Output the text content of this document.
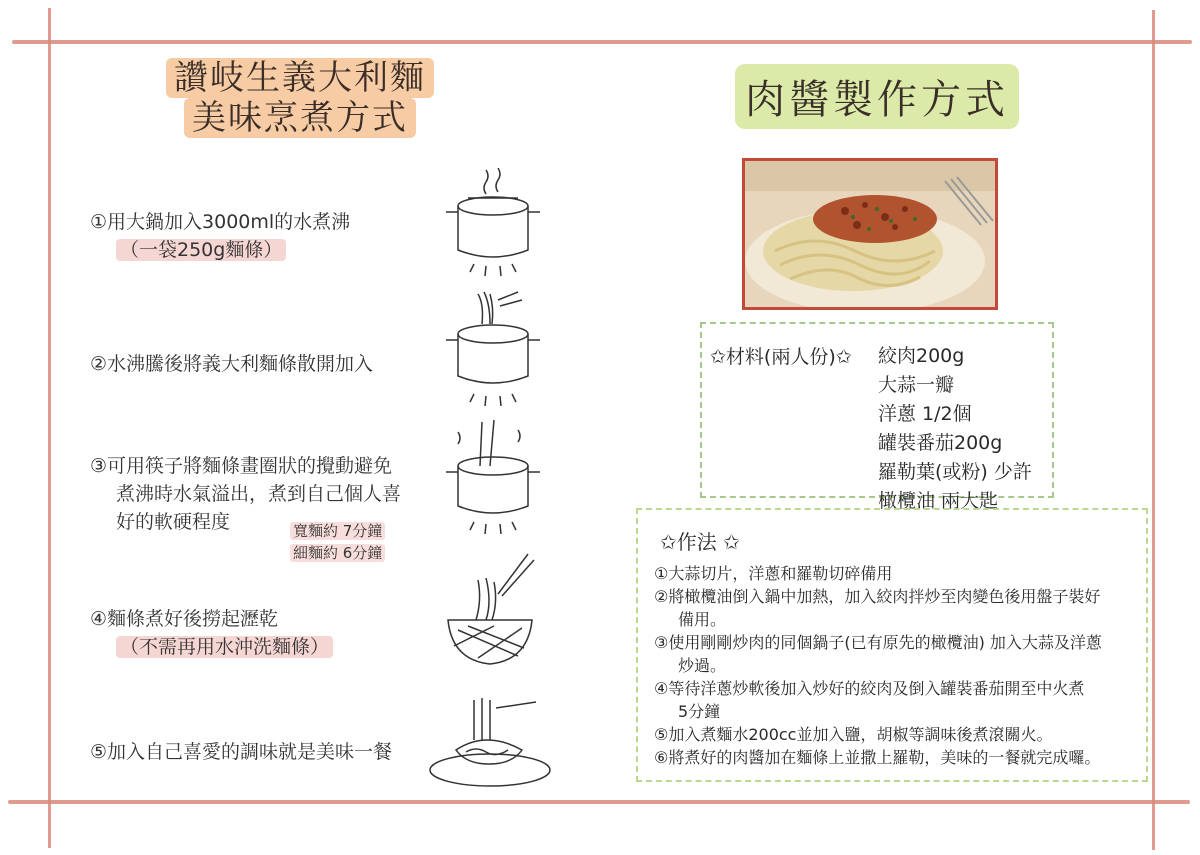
讚岐生義大利麵
美味烹煮方式	肉醬製作方式
①用大鍋加入3000ml的水煮沸
（一袋250g麵條）
②水沸騰後將義大利麵條散開加入
③可用筷子將麵條畫圈狀的攪動避免
煮沸時水氣溢出，煮到自己個人喜
好的軟硬程度	寬麵約 7分鐘
細麵約 6分鐘
④麵條煮好後撈起瀝乾
（不需再用水沖洗麵條）
⑤加入自己喜愛的調味就是美味一餐
✩材料(兩人份)✩ 絞肉200g
大蒜一瓣
洋蔥 1/2個
罐裝番茄200g
羅勒葉(或粉) 少許
橄欖油 兩大匙
✩作法 ✩
①大蒜切片，洋蔥和羅勒切碎備用
②將橄欖油倒入鍋中加熱，加入絞肉拌炒至肉變色後用盤子裝好
備用。
③使用剛剛炒肉的同個鍋子(已有原先的橄欖油) 加入大蒜及洋蔥
炒過。
④等待洋蔥炒軟後加入炒好的絞肉及倒入罐裝番茄開至中火煮
5分鐘
⑤加入煮麵水200cc並加入鹽，胡椒等調味後煮滾關火。
⑥將煮好的肉醬加在麵條上並撒上羅勒，美味的一餐就完成囉。
